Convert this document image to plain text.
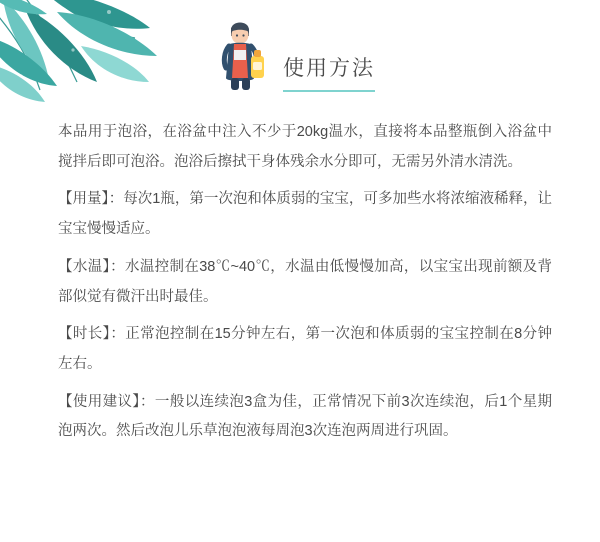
使用方法

本品用于泡浴，在浴盆中注入不少于20kg温水，直接将本品整瓶倒入浴盆中搅拌后即可泡浴。泡浴后擦拭干身体残余水分即可，无需另外清水清洗。

【用量】：每次1瓶，第一次泡和体质弱的宝宝，可多加些水将浓缩液稀释，让宝宝慢慢适应。

【水温】：水温控制在38℃~40℃，水温由低慢慢加高，以宝宝出现前额及背部似觉有微汗出时最佳。

【时长】：正常泡控制在15分钟左右，第一次泡和体质弱的宝宝控制在8分钟左右。

【使用建议】：一般以连续泡3盒为佳，正常情况下前3次连续泡，后1个星期泡两次。然后改泡儿乐草泡泡液每周泡3次连泡两周进行巩固。
